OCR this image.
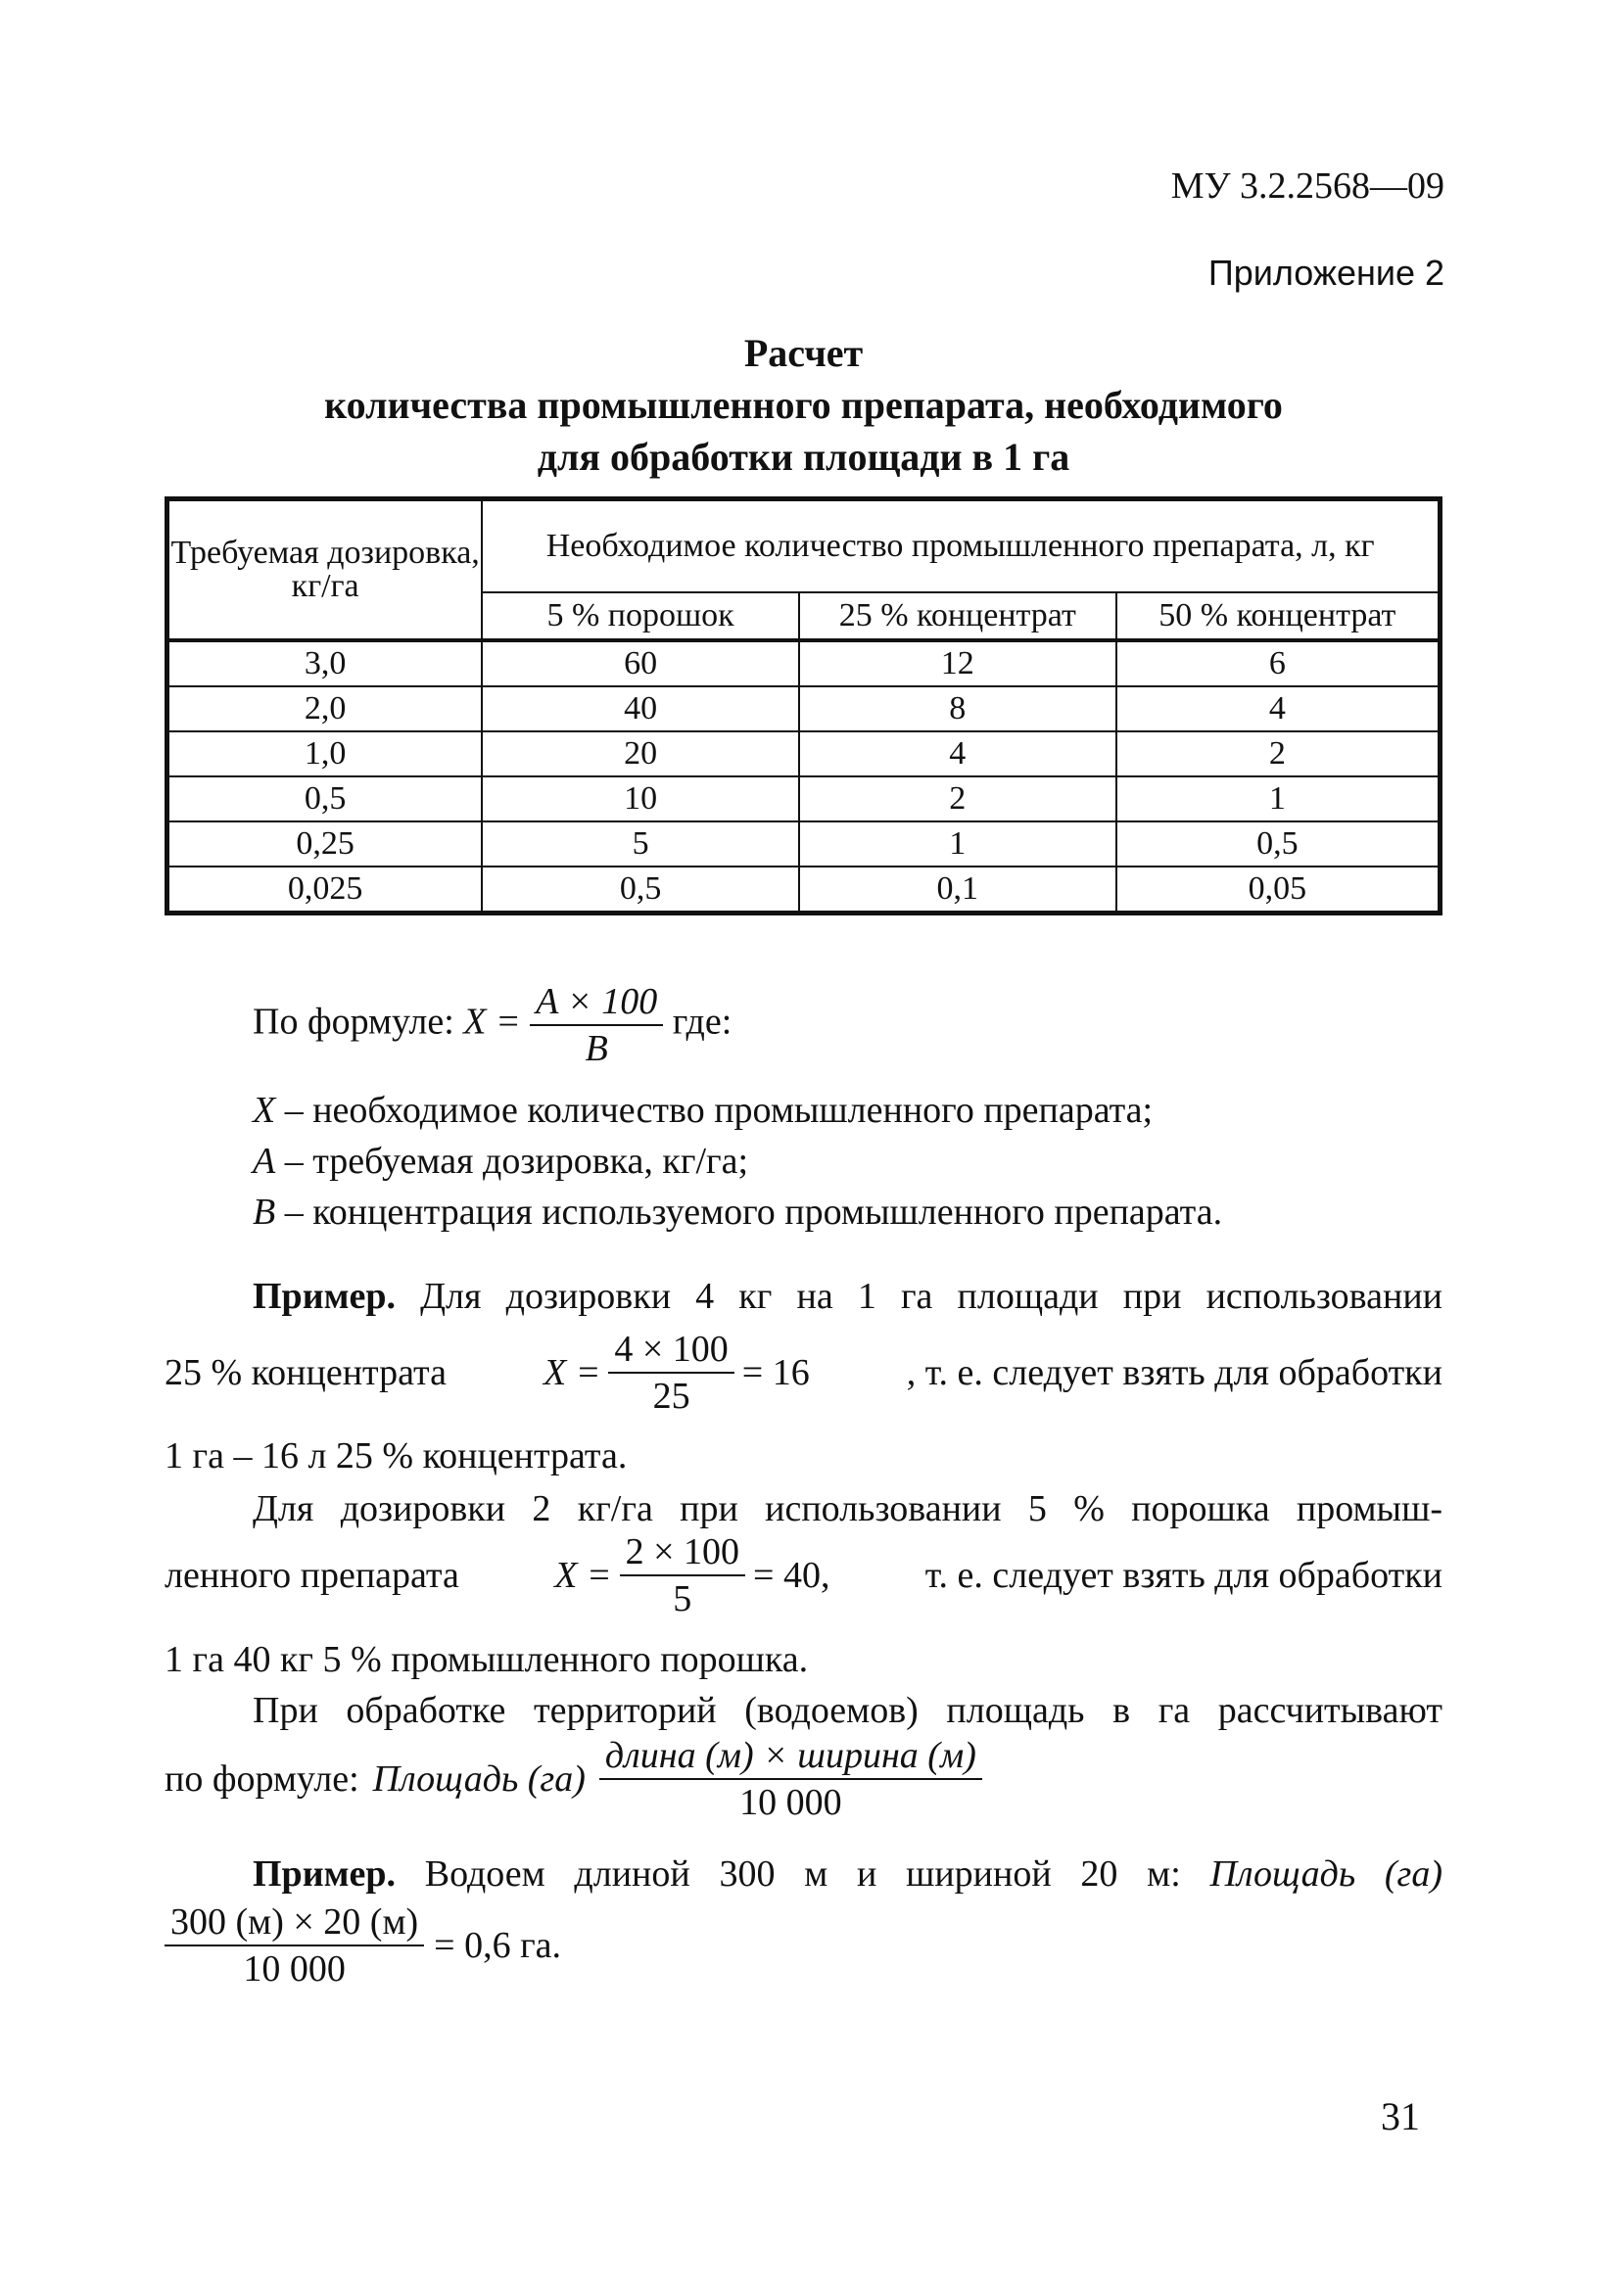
МУ 3.2.2568—09
Приложение 2
Расчет
количества промышленного препарата, необходимого
для обработки площади в 1 га
Требуемая дозировка, кг/га	Необходимое количество промышленного препарата, л, кг		
	5 % порошок	25 % концентрат	50 % концентрат
3,0	60	12	6
2,0	40	8	4
1,0	20	4	2
0,5	10	2	1
0,25	5	1	0,5
0,025	0,5	0,1	0,05
По формуле: $X = \frac{A \times 100}{B}$ где:
X – необходимое количество промышленного препарата;
A – требуемая дозировка, кг/га;
B – концентрация используемого промышленного препарата.
Пример. Для дозировки 4 кг на 1 га площади при использовании
25 % концентрата	$X = \frac{4 \times 100}{25} = 16$	, т. е. следует взять для обработки
1 га – 16 л 25 % концентрата.
Для дозировки 2 кг/га при использовании 5 % порошка промыш-
ленного препарата	$X = \frac{2 \times 100}{5} = 40$,	т. е. следует взять для обработки
1 га 40 кг 5 % промышленного порошка.
При обработке территорий (водоемов) площадь в га рассчитывают
по формуле: Площадь $(га) \frac{\text{длина (м) × ширина (м)}}{10 000}$
Пример. Водоем длиной 300 м и шириной 20 м: Площадь (га)
$\frac{300 (м) \times 20 (м)}{10 000} = 0,6$ га.
31
